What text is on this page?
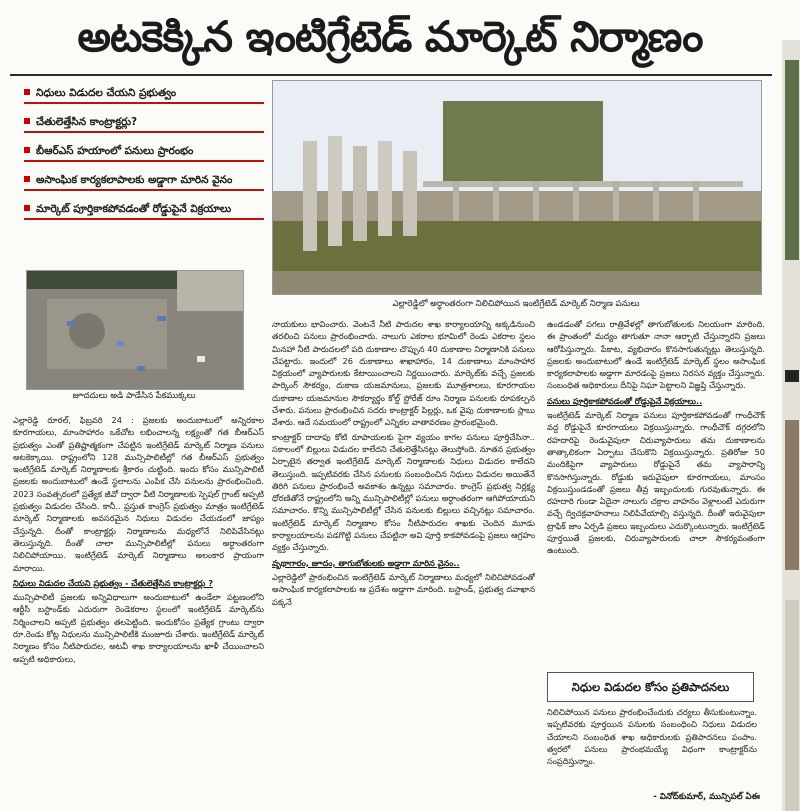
అటకెక్కిన ఇంటిగ్రేటెడ్ మార్కెట్ నిర్మాణం
నిధులు విడుదల చేయని ప్రభుత్వం
చేతులెత్తేసిన కాంట్రాక్టర్లు?
బీఆర్‌ఎస్ హయాంలో పనులు ప్రారంభం
అసాంఘిక కార్యకలాపాలకు అడ్డాగా మారిన వైనం
మార్కెట్ పూర్తికాకపోవడంతో రోడ్డుపైనే విక్రయాలు
జూదదులు అడి పాడేసిన పేకముక్కలు
ఎల్లారెడ్డిలో అర్ధాంతరంగా నిలిచిపోయిన ఇంటిగ్రేటెడ్ మార్కెట్ నిర్మాణ పనులు

ఎల్లారెడ్డి రూరల్, ఫిబ్రవరి 24 : ప్రజలకు అందుబాటులో అన్నిరకాల కూరగాయలు, మాంసాహారం ఒకేచోట లభించాలన్న లక్ష్యంతో గత బీఆర్‌ఎస్ ప్రభుత్వం ఎంతో ప్రతిష్టాత్మకంగా చేపట్టిన ఇంటిగ్రేటెడ్ మార్కెట్ నిర్మాణ పనులు అటకెక్కాయి. రాష్ట్రంలోని 128 మున్సిపాలిటీల్లో గత బీఆర్‌ఎస్ ప్రభుత్వం ఇంటిగ్రేటెడ్ మార్కెట్ నిర్మాణాలకు శ్రీకారం చుట్టింది. ఇందు కోసం మున్సిపాలిటీ ప్రజలకు అందుబాటులో ఉండే స్థలాలను ఎంపిక చేసి పనులను ప్రారంభించింది. 2023 సంవత్సరంలో ప్రత్యేక జీవో ద్వారా వీటి నిర్మాణాలకు స్పెషల్ గ్రాంట్ అప్పటి ప్రభుత్వం విడుదల చేసింది. కానీ.. ప్రస్తుత కాంగ్రెస్ ప్రభుత్వం మాత్రం ఇంటిగ్రేటెడ్ మార్కెట్ నిర్మాణాలకు అవసరమైన నిధులు విడుదల చేయడంలో జాప్యం చేస్తున్నది. దీంతో కాంట్రాక్టర్లు నిర్మాణాలను మధ్యలోనే నిలిపివేసినట్లు తెలుస్తున్నది. దీంతో చాలా మున్సిపాలిటీల్లో పనులు అర్ధాంతరంగా నిలిచిపోయాయి. ఇంటిగ్రేటెడ్ మార్కెట్ నిర్మాణాలు అలంకార ప్రాయంగా మారాయి.

నిధులు విడుదల చేయని ప్రభుత్వం - చేతులెత్తేసిన కాంట్రాక్టర్లు ?

మున్సిపాలిటీ ప్రజలకు అన్నివిధాలుగా అందుబాటులో ఉండేలా పట్టణంలోని ఆర్టీసీ బస్టాండ్‌కు ఎదురుగా రెండెకరాల స్థలంలో ఇంటిగ్రేటెడ్ మార్కెట్‌ను నిర్మించాలని అప్పటి ప్రభుత్వం తలపెట్టింది. ఇందుకోసం ప్రత్యేక గ్రాంటు ద్వారా రూ.రెండు కోట్ల నిధులను మున్సిపాలిటీకి మంజూరు చేశారు. ఇంటిగ్రేటెడ్ మార్కెట్ నిర్మాణం కోసం నీటిపారుదల, అటవీ శాఖ కార్యాలయాలను ఖాళీ చేయించాలని అప్పటి అధికారులు,

నాయకులు భావించారు. వెంటనే నీటి పారుదల శాఖ కార్యాలయాన్ని అక్కడినుంచి తరలించి పనులు ప్రారంభించారు. నాలుగు ఎకరాల భూమిలో రెండు ఎకరాల స్థలం మినహా నీటి పారుదలలో పది దుకాణాల చొప్పున 40 దుకాణాల నిర్మాణానికి పనులు చేపట్టారు. ఇందులో 26 దుకాణాలు శాఖాహారం, 14 దుకాణాలు మాంసాహార విక్రయంలో వ్యాపారులకు కేటాయించాలని నిర్ణయించారు. మార్కెట్‌కు వచ్చే ప్రజలకు పార్కింగ్ సౌకర్యం, దుకాణ యజమానులు, ప్రజలకు మూత్రశాలలు, కూరగాయల దుకాణాల యజమానుల సౌకర్యార్థం కోల్డ్ స్టోరేజ్ రూం నిర్మాణ పనులకు రూపకల్పన చేశారు. పనులు ప్రారంభించిన సదరు కాంట్రాక్టర్ పిల్లర్లు, ఒక వైపు దుకాణాలకు స్లాబు వేశారు. ఆదే సమయంలో రాష్ట్రంలో ఎన్నికల వాతావరణం ప్రారంభమైంది.

కాంట్రాక్టర్ దాదాపు కోటి రూపాయలకు పైగా వ్యయం కాగల పనులు పూర్తిచేసినా.. సకాలంలో బిల్లులు విడుదల కాలేదని చేతులెత్తేసినట్లు తెలుస్తోంది. నూతన ప్రభుత్వం ఏర్పాటైన తర్వాత ఇంటిగ్రేటెడ్ మార్కెట్ నిర్మాణాలకు నిధులు విడుదల కాలేదని తెలుస్తుంది. ఇప్పటివరకు చేసిన పనులకు సంబంధించిన నిధులు విడుదల అయితేనే తిరిగి పనులు ప్రారంభించే అవకాశం ఉన్నట్లు సమాచారం. కాంగ్రెస్ ప్రభుత్వ నిర్లక్ష్య ధోరణితోనే రాష్ట్రంలోని అన్ని మున్సిపాలిటీల్లో పనులు అర్ధాంతరంగా ఆగిపోయాయని సమాచారం. కొన్ని మున్సిపాలిటీల్లో చేసిన పనులకు బిల్లులు వచ్చినట్లు సమాచారం. ఇంటిగ్రేటెడ్ మార్కెట్ నిర్మాణాల కోసం నీటిపారుదల శాఖకు చెందిన మూడు కార్యాలయాలను పడగొట్టి పనులు చేపట్టినా అవి పూర్తి కాకపోవడంపై ప్రజలు ఆగ్రహం వ్యక్తం చేస్తున్నారు.

వృథాగారం, జూదం, తాగుబోతులకు అడ్డాగా మారిన వైనం..

ఎల్లారెడ్డిలో ప్రారంభించిన ఇంటిగ్రేటెడ్ మార్కెట్ నిర్మాణాలు మధ్యలో నిలిచిపోవడంతో అసాంఘిక కార్యకలాపాలకు ఆ ప్రదేశం అడ్డాగా మారింది. బస్టాండ్, ప్రభుత్వ దవాఖాన పక్కనే

ఉండడంతో పగలు రాత్రివేళల్లో తాగుబోతులకు నిలయంగా మారింది. ఈ ప్రాంతంలో మద్యం తాగుతూ నానా ఆర్భాటి చేస్తున్నారని ప్రజలు ఆరోపిస్తున్నారు. పేకాట, వ్యభిచారం కొనసాగుతున్నట్లు తెలుస్తున్నది. ప్రజలకు అందుబాటులో ఉండే ఇంటిగ్రేటెడ్ మార్కెట్ స్థలం అసాంఘిక కార్యకలాపాలకు అడ్డాగా మారడంపై ప్రజలు నిరసన వ్యక్తం చేస్తున్నారు. సంబంధిత అధికారులు దీనిపై నిఘా పెట్టాలని విజ్ఞప్తి చేస్తున్నారు.

పనులు పూర్తికాకపోవడంతో రోడ్డుపైనే విక్రయాలు..

ఇంటిగ్రేటెడ్ మార్కెట్ నిర్మాణ పనులు పూర్తికాకపోవడంతో గాంధీచౌక్ వద్ద రోడ్డుపైనే కూరగాయలు విక్రయిస్తున్నారు. గాంధీచౌక్ దగ్గరలోని రహదారిపై రెండువైపులా చిరువ్యాపారులు తమ దుకాణాలను తాత్కాలికంగా ఏర్పాటు చేసుకొని విక్రయిస్తున్నారు. ప్రతిరోజు 50 మందికిపైగా వ్యాపారులు రోడ్డుపైనే తమ వ్యాపారాన్ని కొనసాగిస్తున్నారు. రోడ్డుకు ఇరువైపులా కూరగాయలు, మాంసం విక్రయిస్తుండడంతో ప్రజలు తీవ్ర ఇబ్బందులకు గురవుతున్నారు. ఈ రహదారి గుండా ఏదైనా నాలుగు చక్రాల వాహనం వెళ్లాలంటే ఎదురుగా వచ్చే ద్విచక్రవాహనాలు నిలిపివేయాల్సి వస్తున్నది. దీంతో ఇరువైపులా ట్రాఫిక్ జాం ఏర్పడి ప్రజలు ఇబ్బందులు ఎదుర్కొంటున్నారు. ఇంటిగ్రేటెడ్ పూర్తయితే ప్రజలకు, చిరువ్యాపారులకు చాలా సౌకర్యవంతంగా ఉంటుంది.

నిధుల విడుదల కోసం ప్రతిపాదనలు
నిలిచిపోయిన పనులు ప్రారంభించేందుకు చర్యలు తీసుకుంటున్నాం. ఇప్పటివరకు పూర్తయిన పనులకు సంబంధించి నిధులు విడుదల చేయాలని సంబంధిత శాఖ అధికారులకు ప్రతిపాదనలు పంపాం. త్వరలో పనులు ప్రారంభమయ్యే విధంగా కాంట్రాక్టర్‌ను సంప్రదిస్తున్నాం.
- వినోద్‌కుమార్, మున్సిపల్ ఏఈ
